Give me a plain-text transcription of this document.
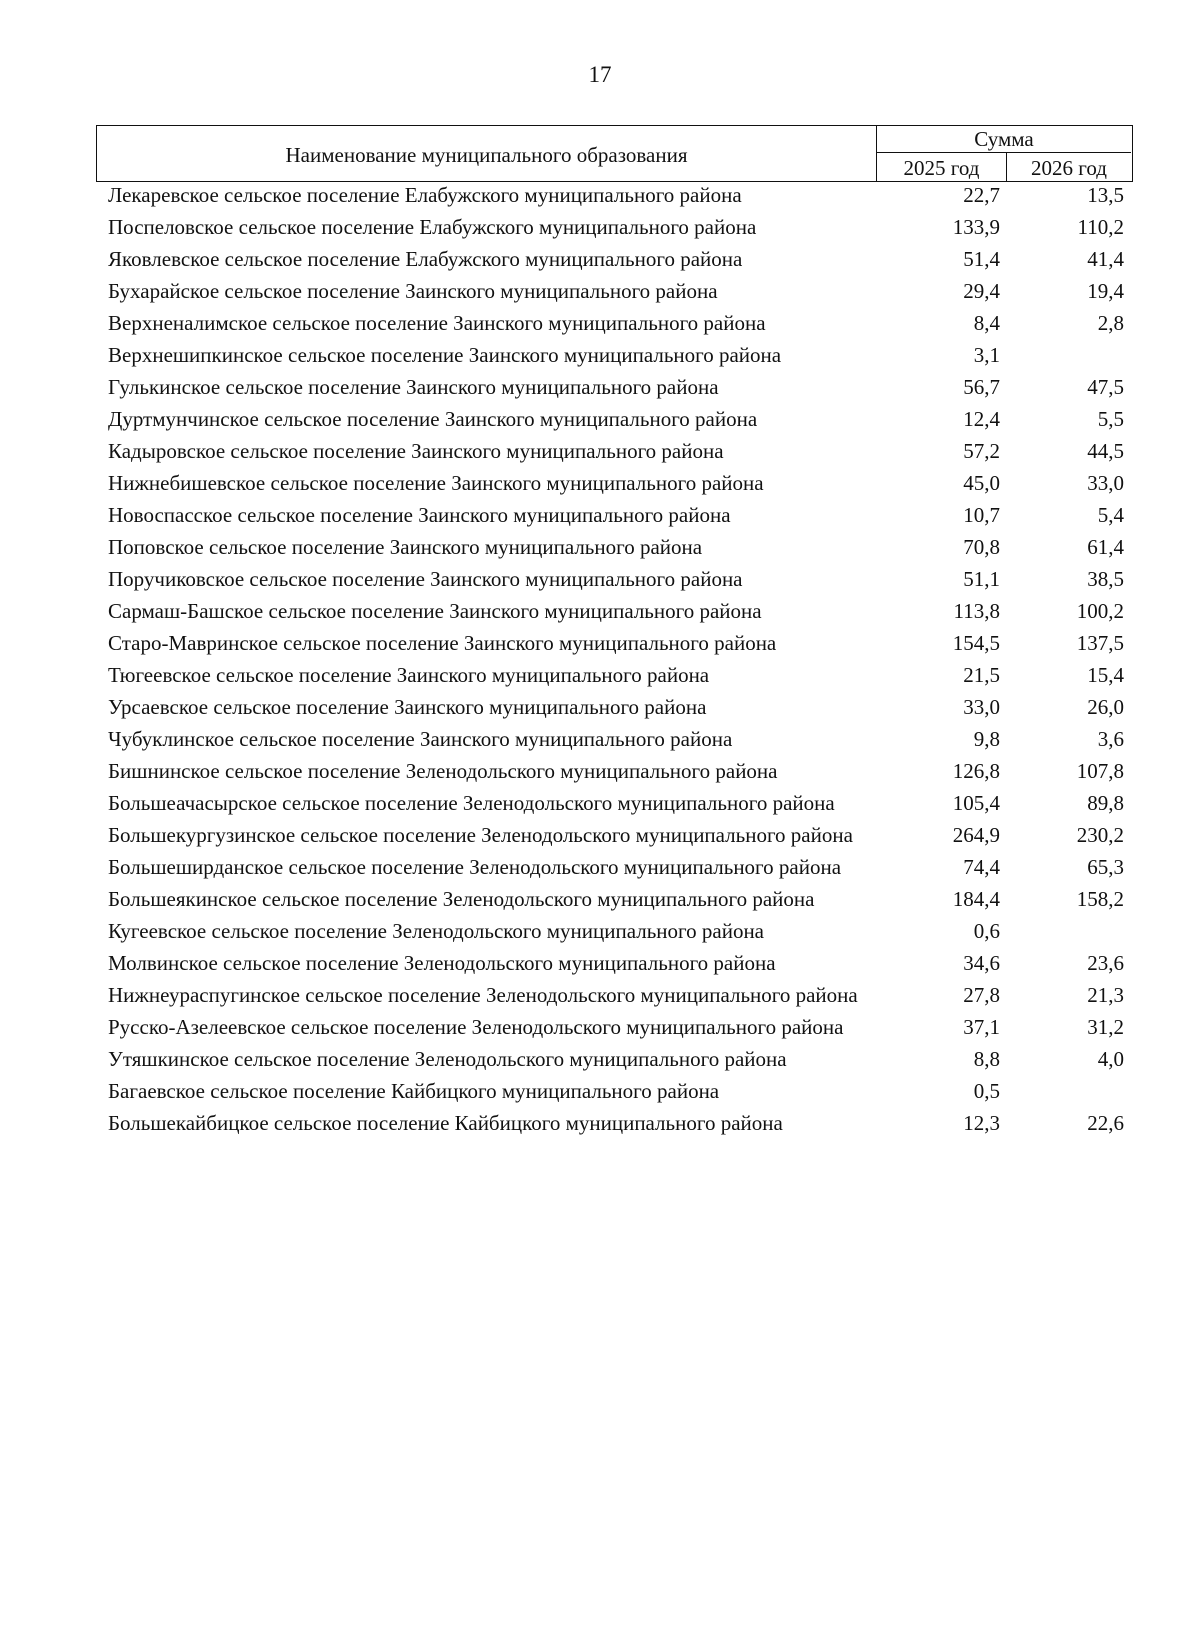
17
Наименование муниципального образования
Сумма
2025 год	2026 год
Лекаревское сельское поселение Елабужского муниципального района	22,7	13,5
Поспеловское сельское поселение Елабужского муниципального района	133,9	110,2
Яковлевское сельское поселение Елабужского муниципального района	51,4	41,4
Бухарайское сельское поселение Заинского муниципального района	29,4	19,4
Верхненалимское сельское поселение Заинского муниципального района	8,4	2,8
Верхнешипкинское сельское поселение Заинского муниципального района	3,1
Гулькинское сельское поселение Заинского муниципального района	56,7	47,5
Дуртмунчинское сельское поселение Заинского муниципального района	12,4	5,5
Кадыровское сельское поселение Заинского муниципального района	57,2	44,5
Нижнебишевское сельское поселение Заинского муниципального района	45,0	33,0
Новоспасское сельское поселение Заинского муниципального района	10,7	5,4
Поповское сельское поселение Заинского муниципального района	70,8	61,4
Поручиковское сельское поселение Заинского муниципального района	51,1	38,5
Сармаш-Башское сельское поселение Заинского муниципального района	113,8	100,2
Старо-Мавринское сельское поселение Заинского муниципального района	154,5	137,5
Тюгеевское сельское поселение Заинского муниципального района	21,5	15,4
Урсаевское сельское поселение Заинского муниципального района	33,0	26,0
Чубуклинское сельское поселение Заинского муниципального района	9,8	3,6
Бишнинское сельское поселение Зеленодольского муниципального района	126,8	107,8
Большеачасырское сельское поселение Зеленодольского муниципального района	105,4	89,8
Большекургузинское сельское поселение Зеленодольского муниципального района	264,9	230,2
Большеширданское сельское поселение Зеленодольского муниципального района	74,4	65,3
Большеякинское сельское поселение Зеленодольского муниципального района	184,4	158,2
Кугеевское сельское поселение Зеленодольского муниципального района	0,6
Молвинское сельское поселение Зеленодольского муниципального района	34,6	23,6
Нижнеураспугинское сельское поселение Зеленодольского муниципального района	27,8	21,3
Русско-Азелеевское сельское поселение Зеленодольского муниципального района	37,1	31,2
Утяшкинское сельское поселение Зеленодольского муниципального района	8,8	4,0
Багаевское сельское поселение Кайбицкого муниципального района	0,5
Большекайбицкое сельское поселение Кайбицкого муниципального района	12,3	22,6
